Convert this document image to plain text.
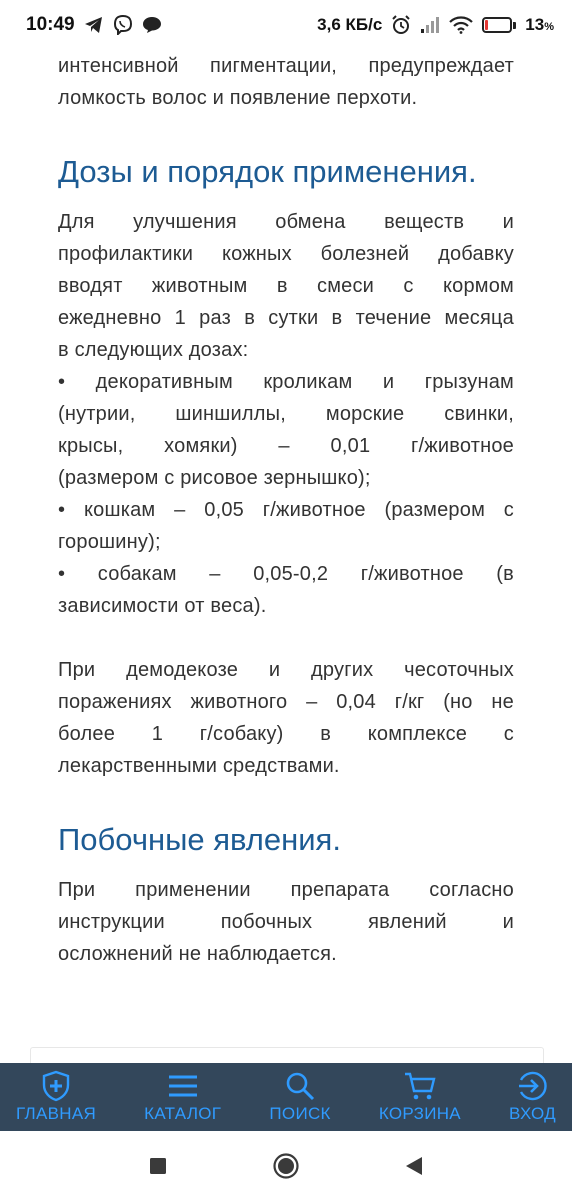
10:49	3,6 КБ/с	13%
интенсивной пигментации, предупреждает
ломкость волос и появление перхоти.
Дозы и порядок применения.
Для улучшения обмена веществ и
профилактики кожных болезней добавку
вводят животным в смеси с кормом
ежедневно 1 раз в сутки в течение месяца
в следующих дозах:
• декоративным кроликам и грызунам
(нутрии, шиншиллы, морские свинки,
крысы, хомяки) – 0,01 г/животное
(размером с рисовое зернышко);
• кошкам – 0,05 г/животное (размером с
горошину);
• собакам – 0,05-0,2 г/животное (в
зависимости от веса).
При демодекозе и других чесоточных
поражениях животного – 0,04 г/кг (но не
более 1 г/собаку) в комплексе с
лекарственными средствами.
Побочные явления.
При применении препарата согласно
инструкции побочных явлений и
осложнений не наблюдается.
ГЛАВНАЯ	КАТАЛОГ	ПОИСК	КОРЗИНА	ВХОД
